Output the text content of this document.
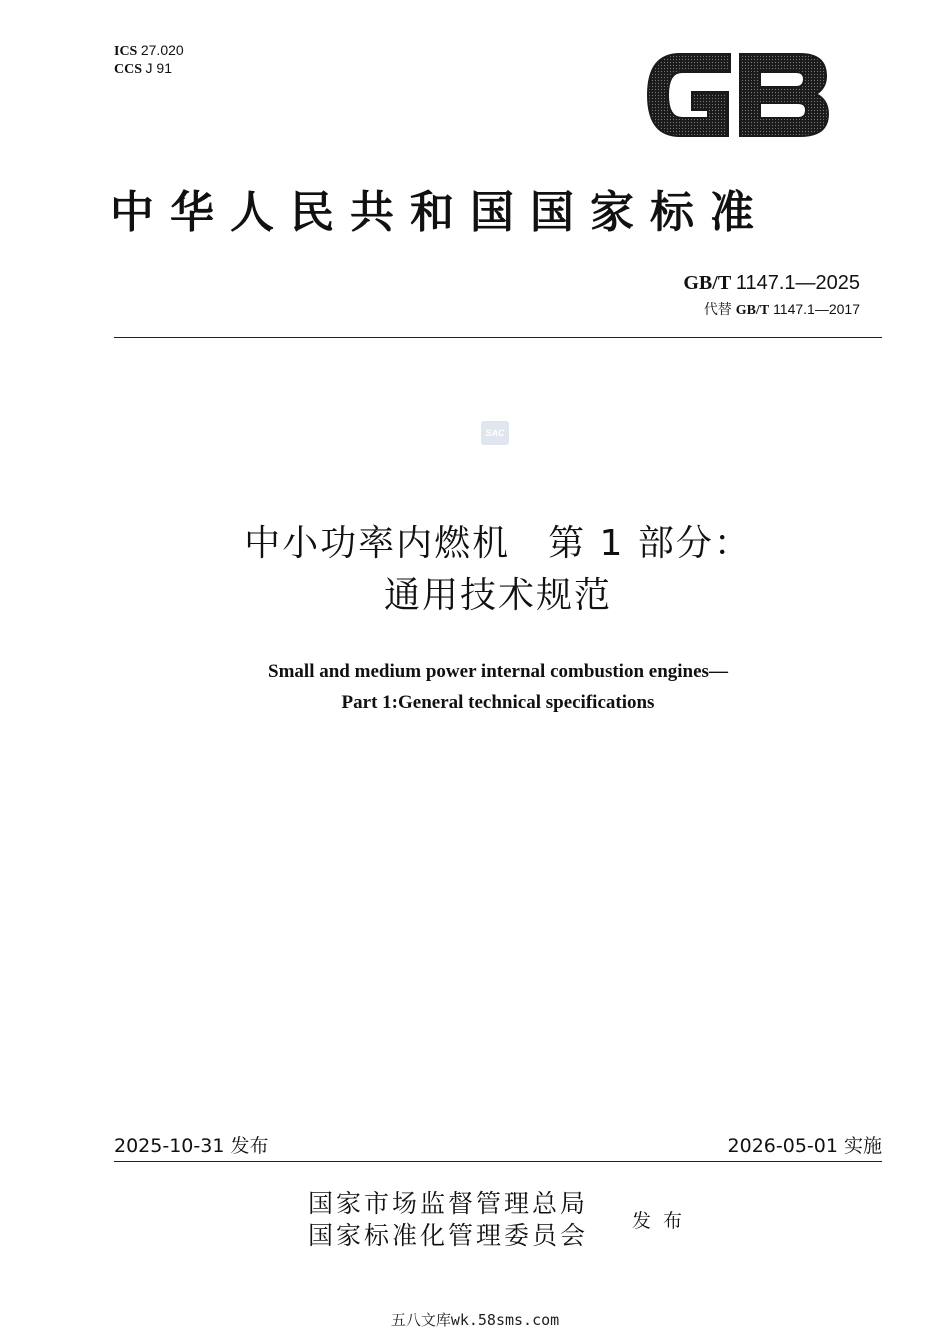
ICS 27.020
CCS J 91
中华人民共和国国家标准
GB/T 1147.1—2025
代替 GB/T 1147.1—2017
SAC
中小功率内燃机　第 1 部分：
通用技术规范
Small and medium power internal combustion engines—
Part 1:General technical specifications
2025-10-31 发布	2026-05-01 实施
国家市场监督管理总局
国家标准化管理委员会 发布
五八文库wk.58sms.com
